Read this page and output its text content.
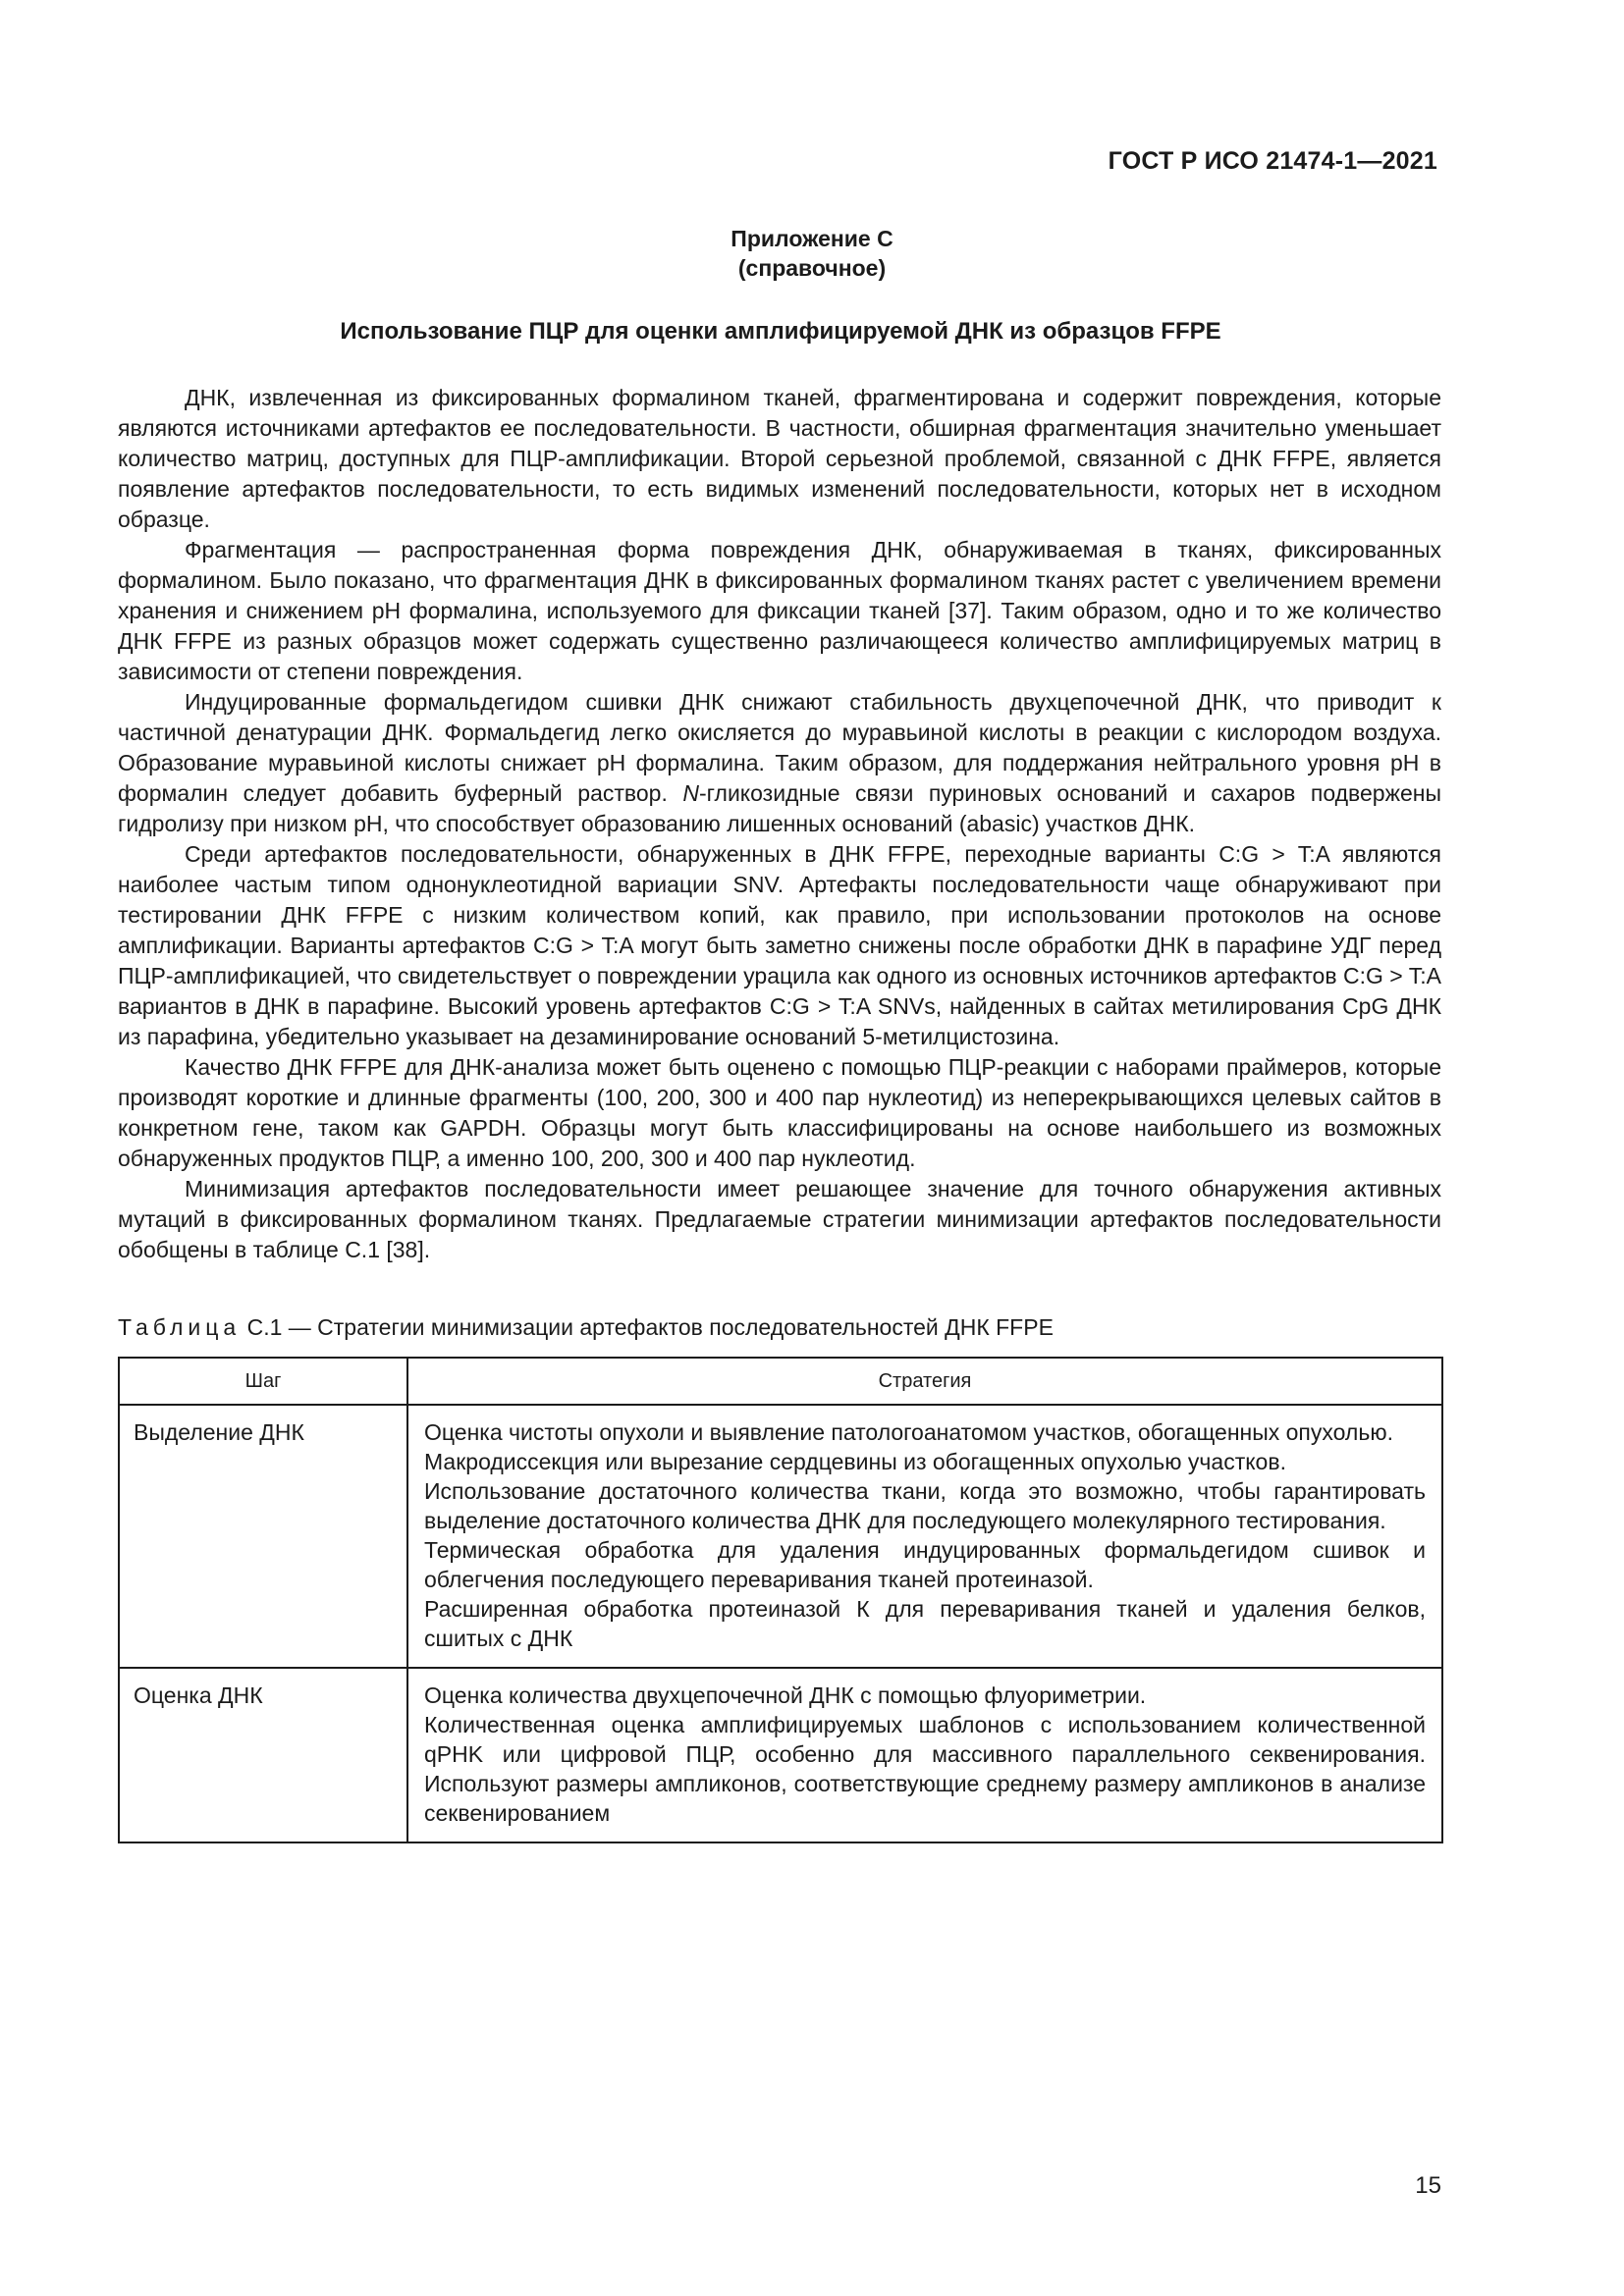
ГОСТ Р ИСО 21474-1—2021
Приложение С
(справочное)
Использование ПЦР для оценки амплифицируемой ДНК из образцов FFPE

ДНК, извлеченная из фиксированных формалином тканей, фрагментирована и содержит повреждения, которые являются источниками артефактов ее последовательности. В частности, обширная фрагментация значительно уменьшает количество матриц, доступных для ПЦР-амплификации. Второй серьезной проблемой, связанной с ДНК FFPE, является появление артефактов последовательности, то есть видимых изменений последовательности, которых нет в исходном образце.

Фрагментация — распространенная форма повреждения ДНК, обнаруживаемая в тканях, фиксированных формалином. Было показано, что фрагментация ДНК в фиксированных формалином тканях растет с увеличением времени хранения и снижением pH формалина, используемого для фиксации тканей [37]. Таким образом, одно и то же количество ДНК FFPE из разных образцов может содержать существенно различающееся количество амплифицируемых матриц в зависимости от степени повреждения.

Индуцированные формальдегидом сшивки ДНК снижают стабильность двухцепочечной ДНК, что приводит к частичной денатурации ДНК. Формальдегид легко окисляется до муравьиной кислоты в реакции с кислородом воздуха. Образование муравьиной кислоты снижает pH формалина. Таким образом, для поддержания нейтрального уровня pH в формалин следует добавить буферный раствор. N-гликозидные связи пуриновых оснований и сахаров подвержены гидролизу при низком pH, что способствует образованию лишенных оснований (abasic) участков ДНК.

Среди артефактов последовательности, обнаруженных в ДНК FFPE, переходные варианты C:G > T:A являются наиболее частым типом однонуклеотидной вариации SNV. Артефакты последовательности чаще обнаруживают при тестировании ДНК FFPE с низким количеством копий, как правило, при использовании протоколов на основе амплификации. Варианты артефактов C:G > T:A могут быть заметно снижены после обработки ДНК в парафине УДГ перед ПЦР-амплификацией, что свидетельствует о повреждении урацила как одного из основных источников артефактов C:G > T:A вариантов в ДНК в парафине. Высокий уровень артефактов C:G > T:A SNVs, найденных в сайтах метилирования CpG ДНК из парафина, убедительно указывает на дезаминирование оснований 5-метилцистозина.

Качество ДНК FFPE для ДНК-анализа может быть оценено с помощью ПЦР-реакции с наборами праймеров, которые производят короткие и длинные фрагменты (100, 200, 300 и 400 пар нуклеотид) из неперекрывающихся целевых сайтов в конкретном гене, таком как GAPDH. Образцы могут быть классифицированы на основе наибольшего из возможных обнаруженных продуктов ПЦР, а именно 100, 200, 300 и 400 пар нуклеотид.

Минимизация артефактов последовательности имеет решающее значение для точного обнаружения активных мутаций в фиксированных формалином тканях. Предлагаемые стратегии минимизации артефактов последовательности обобщены в таблице С.1 [38].

Таблица С.1 — Стратегии минимизации артефактов последовательностей ДНК FFPE
Шаг	Стратегия
Выделение ДНК	Оценка чистоты опухоли и выявление патологоанатомом участков, обогащенных опухолью.
Макродиссекция или вырезание сердцевины из обогащенных опухолью участков.
Использование достаточного количества ткани, когда это возможно, чтобы гарантировать выделение достаточного количества ДНК для последующего молекулярного тестирования.
Термическая обработка для удаления индуцированных формальдегидом сшивок и облегчения последующего переваривания тканей протеиназой.
Расширенная обработка протеиназой К для переваривания тканей и удаления белков, сшитых с ДНК

Оценка ДНК	Оценка количества двухцепочечной ДНК с помощью флуориметрии.
Количественная оценка амплифицируемых шаблонов с использованием количественной qPHK или цифровой ПЦР, особенно для массивного параллельного секвенирования. Используют размеры ампликонов, соответствующие среднему размеру ампликонов в анализе секвенированием
15
